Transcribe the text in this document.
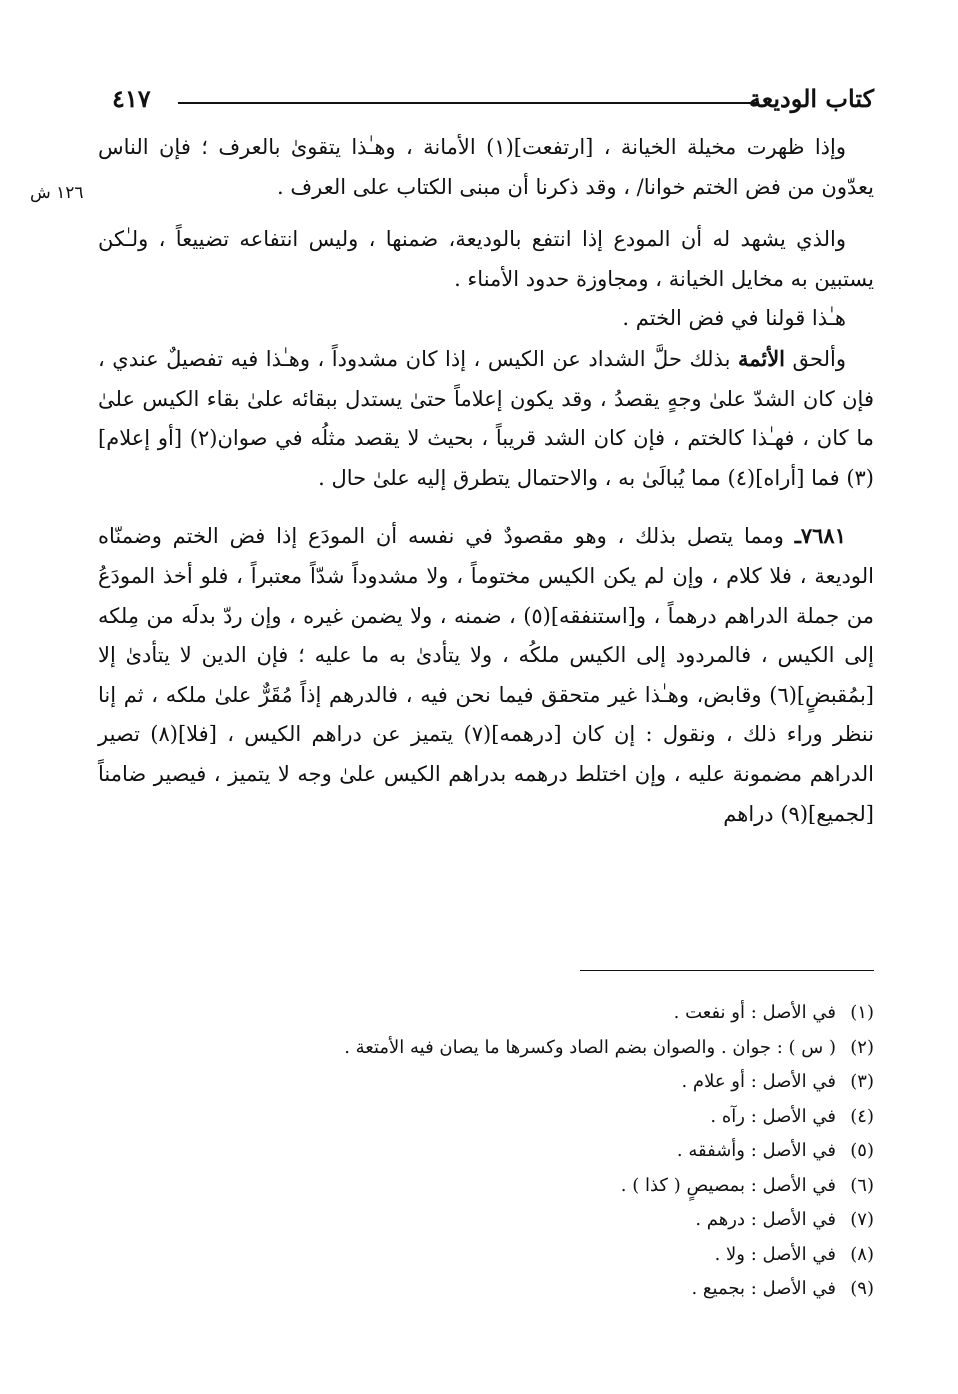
٤١٧	كتاب الوديعة
١٢٦ ش

وإذا ظهرت مخيلة الخيانة ، [ارتفعت](١) الأمانة ، وهـٰذا يتقوىٰ بالعرف ؛ فإن الناس يعدّون من فض الختم خوانا/ ، وقد ذكرنا أن مبنى الكتاب على العرف .

والذي يشهد له أن المودع إذا انتفع بالوديعة، ضمنها ، وليس انتفاعه تضييعاً ، ولـٰكن يستبين به مخايل الخيانة ، ومجاوزة حدود الأمناء .

هـٰذا قولنا في فض الختم .

وألحق الأئمة بذلك حلَّ الشداد عن الكيس ، إذا كان مشدوداً ، وهـٰذا فيه تفصيلٌ عندي ، فإن كان الشدّ علىٰ وجهٍ يقصدُ ، وقد يكون إعلاماً حتىٰ يستدل ببقائه علىٰ بقاء الكيس علىٰ ما كان ، فهـٰذا كالختم ، فإن كان الشد قريباً ، بحيث لا يقصد مثلُه في صوان(٢) [أو إعلام](٣) فما [أراه](٤) مما يُبالَىٰ به ، والاحتمال يتطرق إليه علىٰ حال .

٧٦٨١ـ ومما يتصل بذلك ، وهو مقصودٌ في نفسه أن المودَع إذا فض الختم وضمنّاه الوديعة ، فلا كلام ، وإن لم يكن الكيس مختوماً ، ولا مشدوداً شدّاً معتبراً ، فلو أخذ المودَعُ من جملة الدراهم درهماً ، و[استنفقه](٥) ، ضمنه ، ولا يضمن غيره ، وإن ردّ بدلَه من مِلكه إلى الكيس ، فالمردود إلى الكيس ملكُه ، ولا يتأدىٰ به ما عليه ؛ فإن الدين لا يتأدىٰ إلا [بمُقبضٍ](٦) وقابض، وهـٰذا غير متحقق فيما نحن فيه ، فالدرهم إذاً مُقَرٌّ علىٰ ملكه ، ثم إنا ننظر وراء ذلك ، ونقول : إن كان [درهمه](٧) يتميز عن دراهم الكيس ، [فلا](٨) تصير الدراهم مضمونة عليه ، وإن اختلط درهمه بدراهم الكيس علىٰ وجه لا يتميز ، فيصير ضامناً [لجميع](٩) دراهم

(١)في الأصل : أو نفعت .

(٢)( س ) : جوان . والصوان بضم الصاد وكسرها ما يصان فيه الأمتعة .

(٣)في الأصل : أو علام .

(٤)في الأصل : رآه .

(٥)في الأصل : وأشفقه .

(٦)في الأصل : بمصيصٍ ( كذا ) .

(٧)في الأصل : درهم .

(٨)في الأصل : ولا .

(٩)في الأصل : بجميع .
